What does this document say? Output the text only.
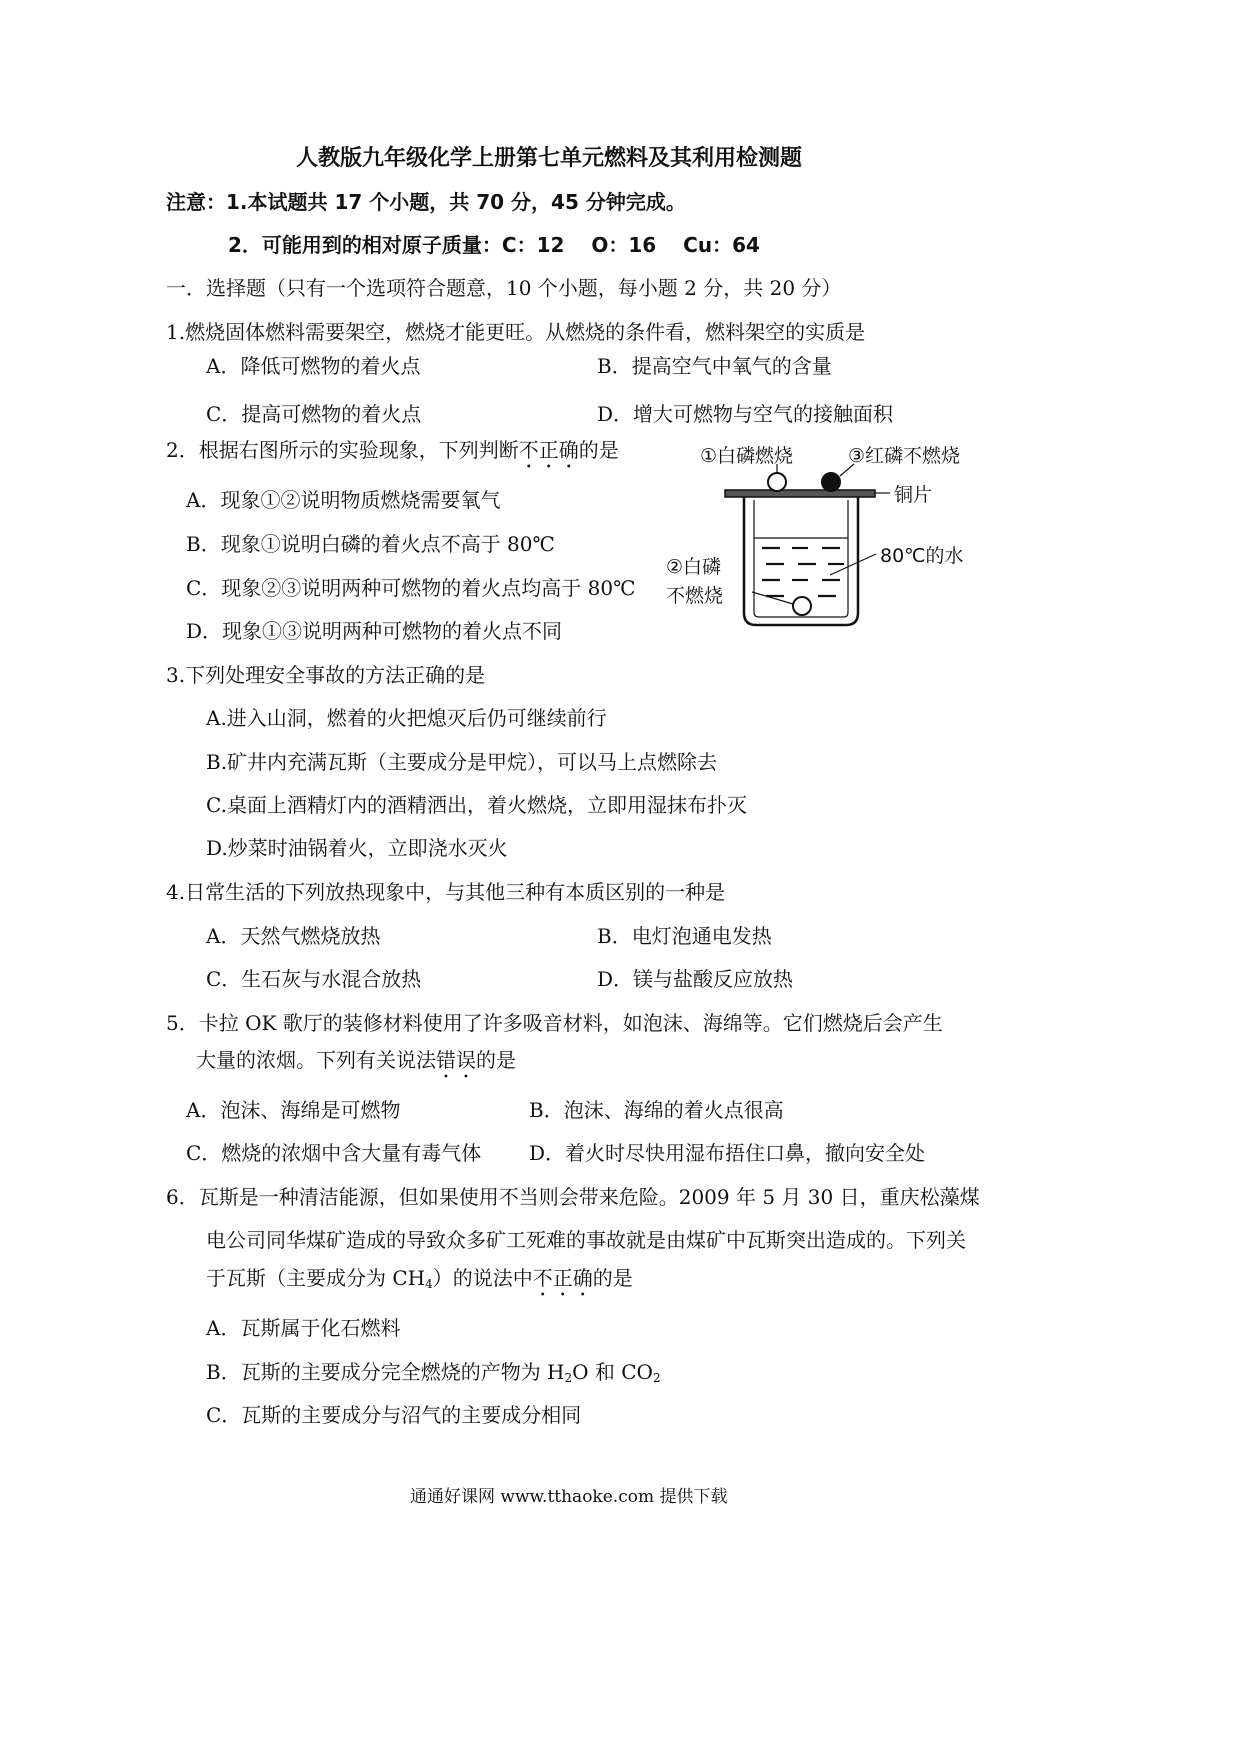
人教版九年级化学上册第七单元燃料及其利用检测题
注意：1.本试题共 17 个小题，共 70 分，45 分钟完成。
2．可能用到的相对原子质量：C：12 　O：16 　Cu：64
一．选择题（只有一个选项符合题意，10 个小题，每小题 2 分，共 20 分）
1.燃烧固体燃料需要架空，燃烧才能更旺。从燃烧的条件看，燃料架空的实质是
A．降低可燃物的着火点	B．提高空气中氧气的含量
C．提高可燃物的着火点	D．增大可燃物与空气的接触面积
2．根据右图所示的实验现象，下列判断不正确的是
A．现象①②说明物质燃烧需要氧气
B．现象①说明白磷的着火点不高于 80℃
C．现象②③说明两种可燃物的着火点均高于 80℃
D．现象①③说明两种可燃物的着火点不同
①白磷燃烧	③红磷不燃烧
铜片
80℃的水
②白磷
不燃烧
3.下列处理安全事故的方法正确的是
A.进入山洞，燃着的火把熄灭后仍可继续前行
B.矿井内充满瓦斯（主要成分是甲烷），可以马上点燃除去
C.桌面上酒精灯内的酒精洒出，着火燃烧，立即用湿抹布扑灭
D.炒菜时油锅着火，立即浇水灭火
4.日常生活的下列放热现象中，与其他三种有本质区别的一种是
A．天然气燃烧放热	B．电灯泡通电发热
C．生石灰与水混合放热	D．镁与盐酸反应放热
5．卡拉 OK 歌厅的装修材料使用了许多吸音材料，如泡沫、海绵等。它们燃烧后会产生
大量的浓烟。下列有关说法错误的是
A．泡沫、海绵是可燃物	B．泡沫、海绵的着火点很高
C．燃烧的浓烟中含大量有毒气体 D．着火时尽快用湿布捂住口鼻，撤向安全处
6．瓦斯是一种清洁能源，但如果使用不当则会带来危险。2009 年 5 月 30 日，重庆松藻煤
电公司同华煤矿造成的导致众多矿工死难的事故就是由煤矿中瓦斯突出造成的。下列关
于瓦斯（主要成分为 $CH_4$）的说法中不正确的是
A．瓦斯属于化石燃料
B．瓦斯的主要成分完全燃烧的产物为 $H_2O$ 和 $CO_2$
C．瓦斯的主要成分与沼气的主要成分相同
通通好课网 www.tthaoke.com 提供下载
